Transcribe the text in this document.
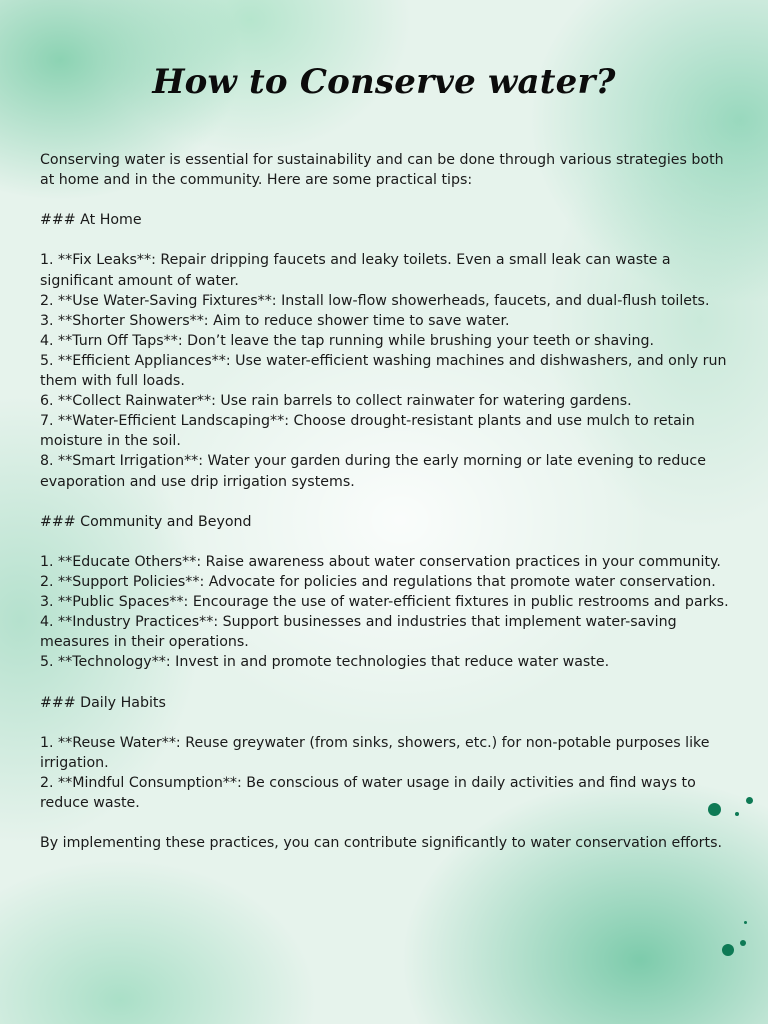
How to Conserve water?

Conserving water is essential for sustainability and can be done through various strategies both at home and in the community. Here are some practical tips:

### At Home

1. **Fix Leaks**: Repair dripping faucets and leaky toilets. Even a small leak can waste a significant amount of water.

2. **Use Water-Saving Fixtures**: Install low-flow showerheads, faucets, and dual-flush toilets.

3. **Shorter Showers**: Aim to reduce shower time to save water.

4. **Turn Off Taps**: Don’t leave the tap running while brushing your teeth or shaving.

5. **Efficient Appliances**: Use water-efficient washing machines and dishwashers, and only run them with full loads.

6. **Collect Rainwater**: Use rain barrels to collect rainwater for watering gardens.

7. **Water-Efficient Landscaping**: Choose drought-resistant plants and use mulch to retain moisture in the soil.

8. **Smart Irrigation**: Water your garden during the early morning or late evening to reduce evaporation and use drip irrigation systems.

### Community and Beyond

1. **Educate Others**: Raise awareness about water conservation practices in your community.

2. **Support Policies**: Advocate for policies and regulations that promote water conservation.

3. **Public Spaces**: Encourage the use of water-efficient fixtures in public restrooms and parks.

4. **Industry Practices**: Support businesses and industries that implement water-saving measures in their operations.

5. **Technology**: Invest in and promote technologies that reduce water waste.

### Daily Habits

1. **Reuse Water**: Reuse greywater (from sinks, showers, etc.) for non-potable purposes like irrigation.

2. **Mindful Consumption**: Be conscious of water usage in daily activities and find ways to reduce waste.

By implementing these practices, you can contribute significantly to water conservation efforts.
